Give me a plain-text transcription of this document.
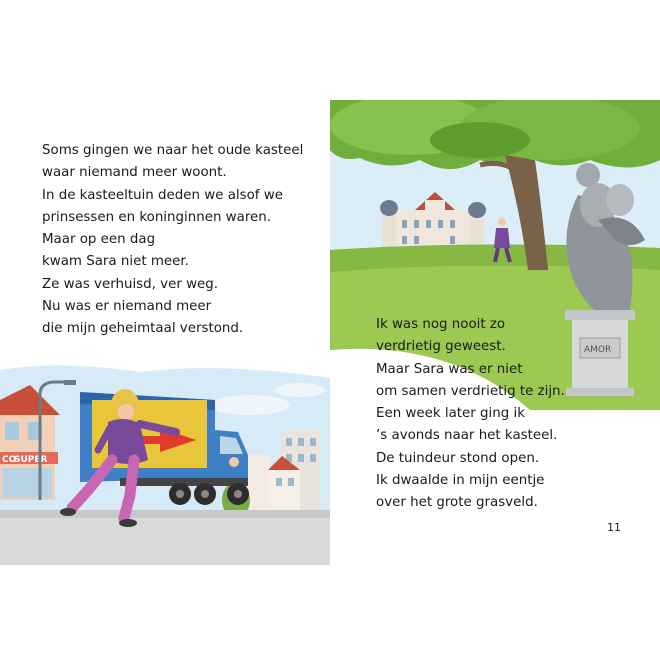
Soms gingen we naar het oude kasteel
waar niemand meer woont.
In de kasteeltuin deden we alsof we
prinsessen en koninginnen waren.
Maar op een dag
kwam Sara niet meer.
Ze was verhuisd, ver weg.
Nu was er niemand meer
die mijn geheimtaal verstond.
CO
SUPER
AMOR
Ik was nog nooit zo
verdrietig geweest.
Maar Sara was er niet
om samen verdrietig te zijn.
Een week later ging ik
’s avonds naar het kasteel.
De tuindeur stond open.
Ik dwaalde in mijn eentje
over het grote grasveld.
11
